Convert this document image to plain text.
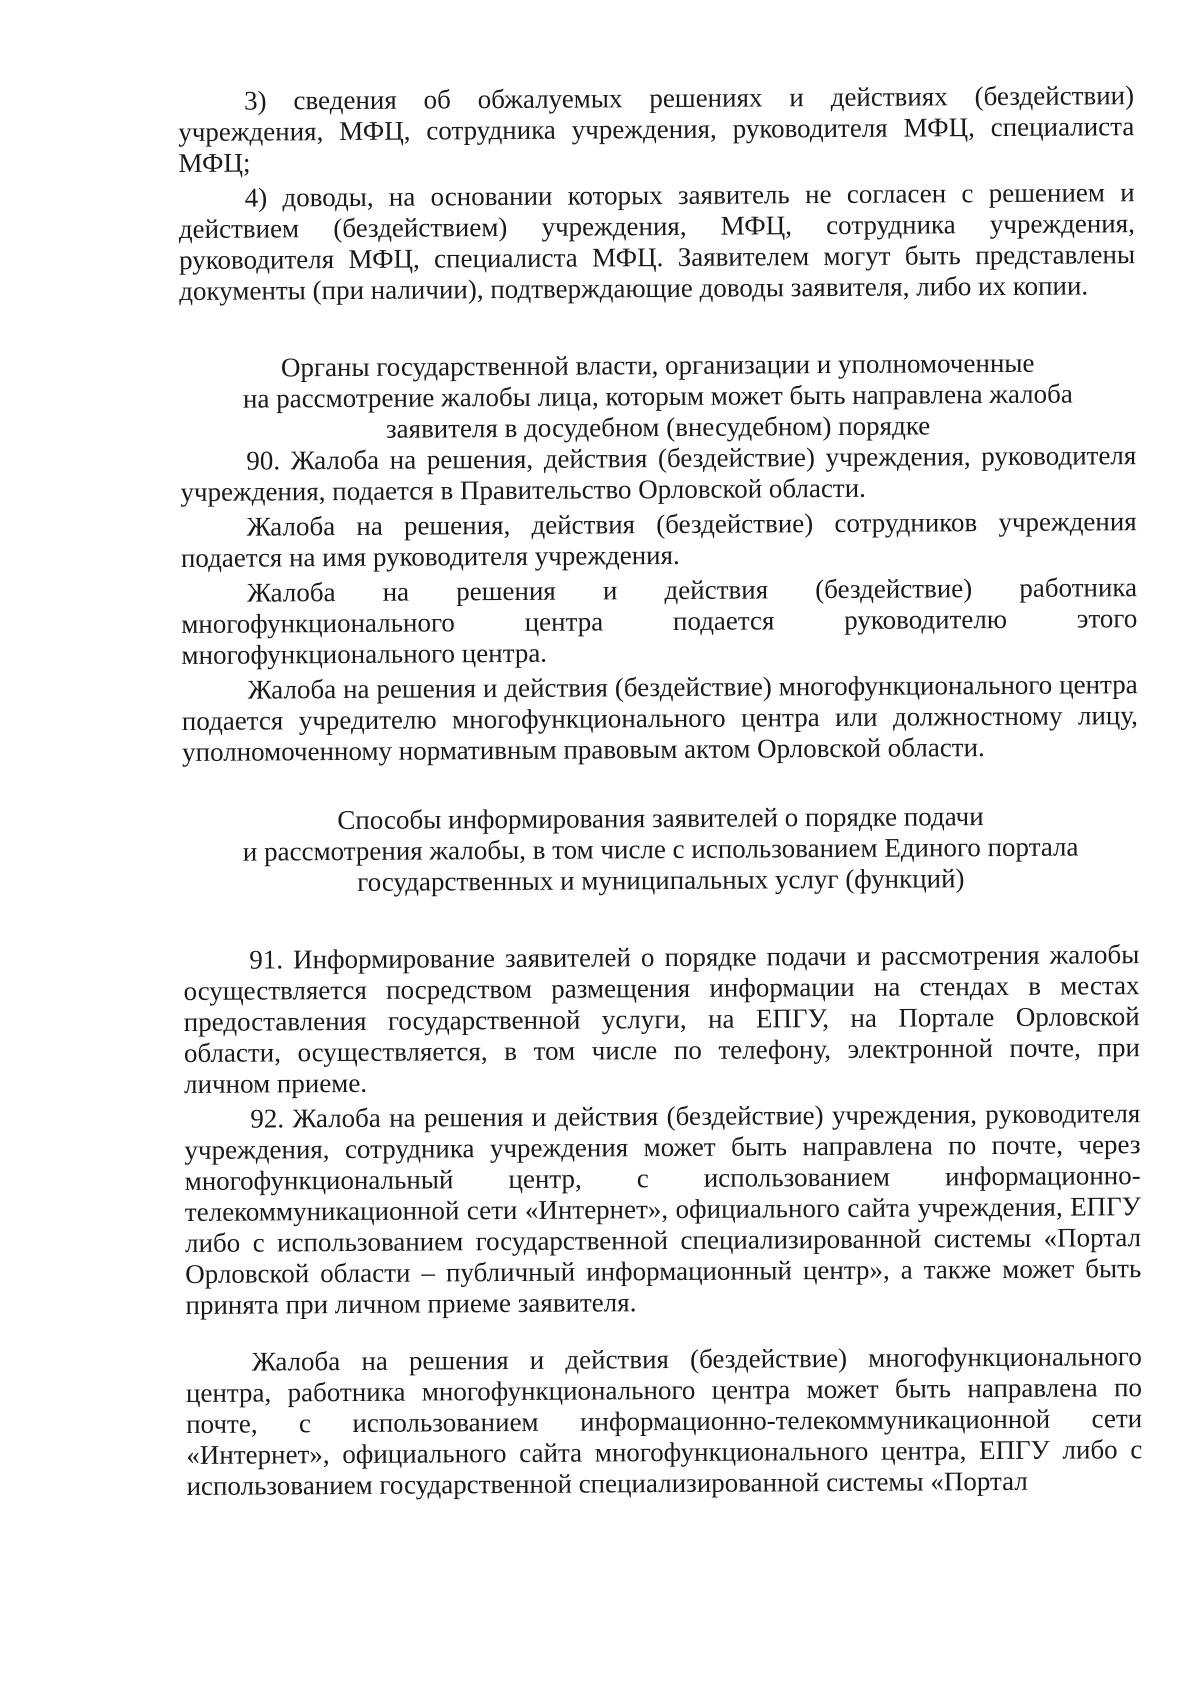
3) сведения об обжалуемых решениях и действиях (бездействии) учреждения, МФЦ, сотрудника учреждения, руководителя МФЦ, специалиста МФЦ;

4) доводы, на основании которых заявитель не согласен с решением и действием (бездействием) учреждения, МФЦ, сотрудника учреждения, руководителя МФЦ, специалиста МФЦ. Заявителем могут быть представлены документы (при наличии), подтверждающие доводы заявителя, либо их копии.

Органы государственной власти, организации и уполномоченные
на рассмотрение жалобы лица, которым может быть направлена жалоба
заявителя в досудебном (внесудебном) порядке

90. Жалоба на решения, действия (бездействие) учреждения, руководителя учреждения, подается в Правительство Орловской области.

Жалоба на решения, действия (бездействие) сотрудников учреждения подается на имя руководителя учреждения.

Жалоба на решения и действия (бездействие) работника многофункционального центра подается руководителю этого многофункционального центра.

Жалоба на решения и действия (бездействие) многофункционального центра подается учредителю многофункционального центра или должностному лицу, уполномоченному нормативным правовым актом Орловской области.

Способы информирования заявителей о порядке подачи
и рассмотрения жалобы, в том числе с использованием Единого портала
государственных и муниципальных услуг (функций)

91. Информирование заявителей о порядке подачи и рассмотрения жалобы осуществляется посредством размещения информации на стендах в местах предоставления государственной услуги, на ЕПГУ, на Портале Орловской области, осуществляется, в том числе по телефону, электронной почте, при личном приеме.

92. Жалоба на решения и действия (бездействие) учреждения, руководителя учреждения, сотрудника учреждения может быть направлена по почте, через многофункциональный центр, с использованием информационно-телекоммуникационной сети «Интернет», официального сайта учреждения, ЕПГУ либо с использованием государственной специализированной системы «Портал Орловской области – публичный информационный центр», а также может быть принята при личном приеме заявителя.

Жалоба на решения и действия (бездействие) многофункционального центра, работника многофункционального центра может быть направлена по почте, с использованием информационно-телекоммуникационной сети «Интернет», официального сайта многофункционального центра, ЕПГУ либо с использованием государственной специализированной системы «Портал
